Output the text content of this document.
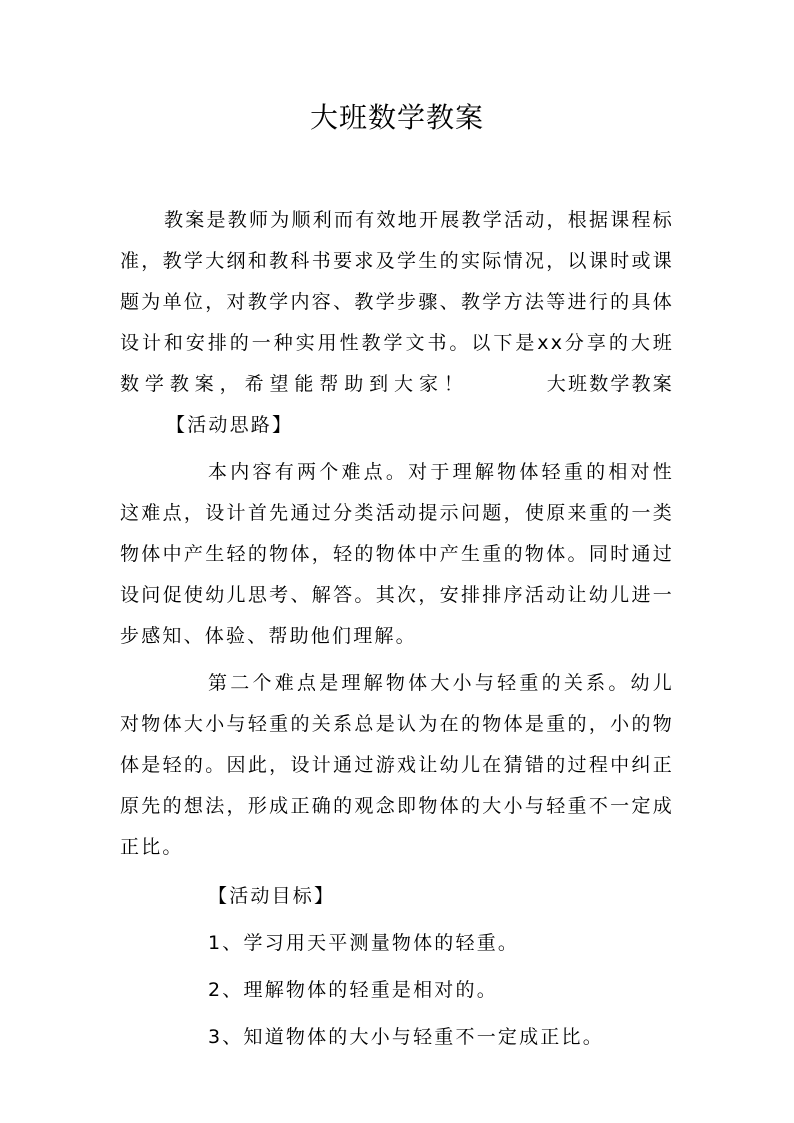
大班数学教案

教案是教师为顺利而有效地开展教学活动，根据课程标准，教学大纲和教科书要求及学生的实际情况，以课时或课题为单位，对教学内容、教学步骤、教学方法等进行的具体设计和安排的一种实用性教学文书。以下是xx分享的大班数学教案，希望能帮助到大家！	大班数学教案【活动思路】

本内容有两个难点。对于理解物体轻重的相对性这难点，设计首先通过分类活动提示问题，使原来重的一类物体中产生轻的物体，轻的物体中产生重的物体。同时通过设问促使幼儿思考、解答。其次，安排排序活动让幼儿进一步感知、体验、帮助他们理解。

第二个难点是理解物体大小与轻重的关系。幼儿对物体大小与轻重的关系总是认为在的物体是重的，小的物体是轻的。因此，设计通过游戏让幼儿在猜错的过程中纠正原先的想法，形成正确的观念即物体的大小与轻重不一定成正比。

【活动目标】

1、学习用天平测量物体的轻重。

2、理解物体的轻重是相对的。

3、知道物体的大小与轻重不一定成正比。
